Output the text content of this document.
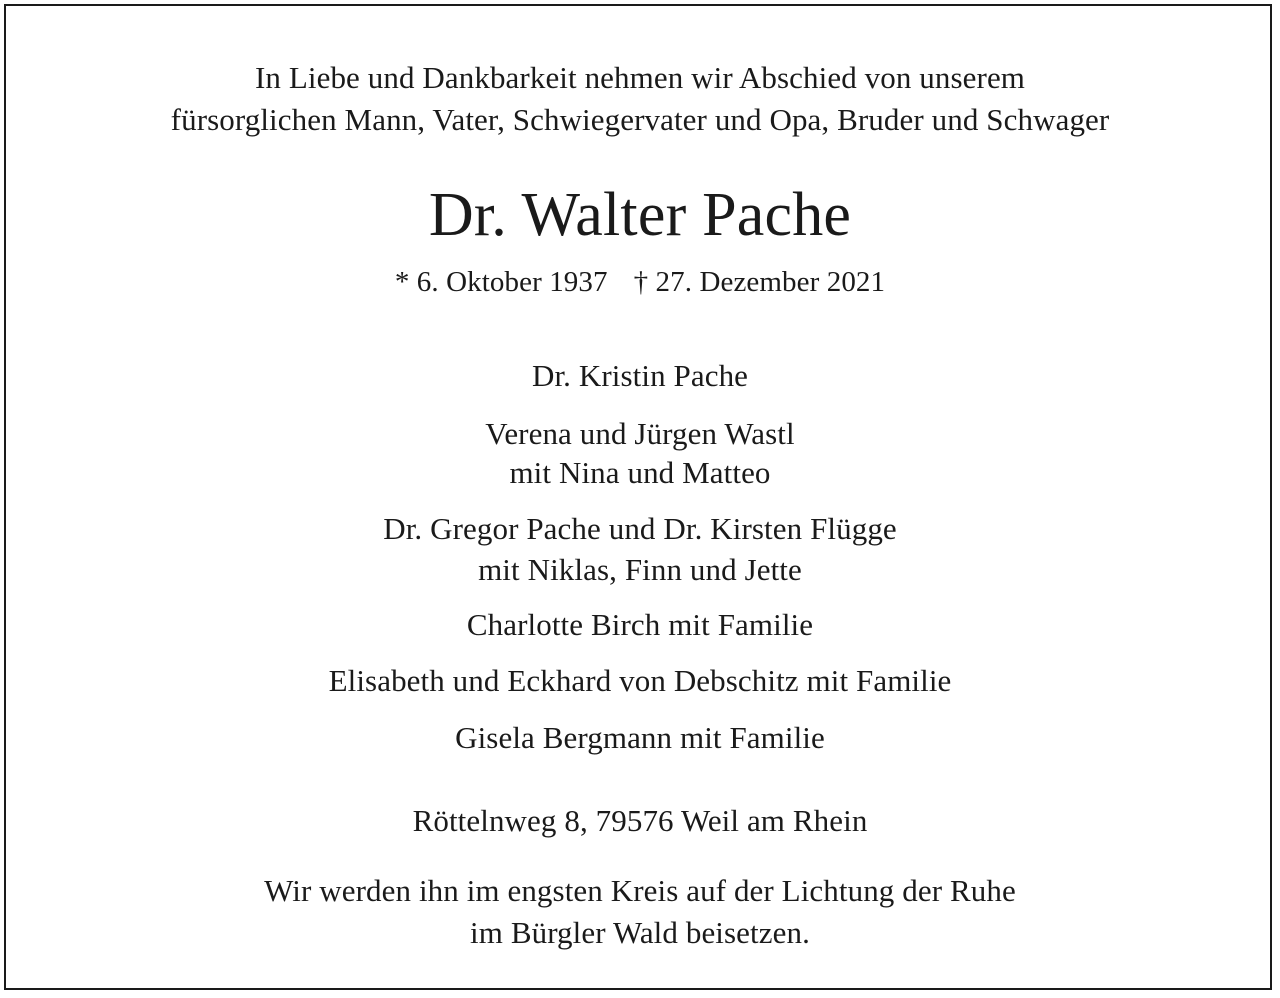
In Liebe und Dankbarkeit nehmen wir Abschied von unserem
fürsorglichen Mann, Vater, Schwiegervater und Opa, Bruder und Schwager
Dr. Walter Pache
* 6. Oktober 1937 † 27. Dezember 2021
Dr. Kristin Pache
Verena und Jürgen Wastl
mit Nina und Matteo
Dr. Gregor Pache und Dr. Kirsten Flügge
mit Niklas, Finn und Jette
Charlotte Birch mit Familie
Elisabeth und Eckhard von Debschitz mit Familie
Gisela Bergmann mit Familie
Röttelnweg 8, 79576 Weil am Rhein
Wir werden ihn im engsten Kreis auf der Lichtung der Ruhe
im Bürgler Wald beisetzen.
